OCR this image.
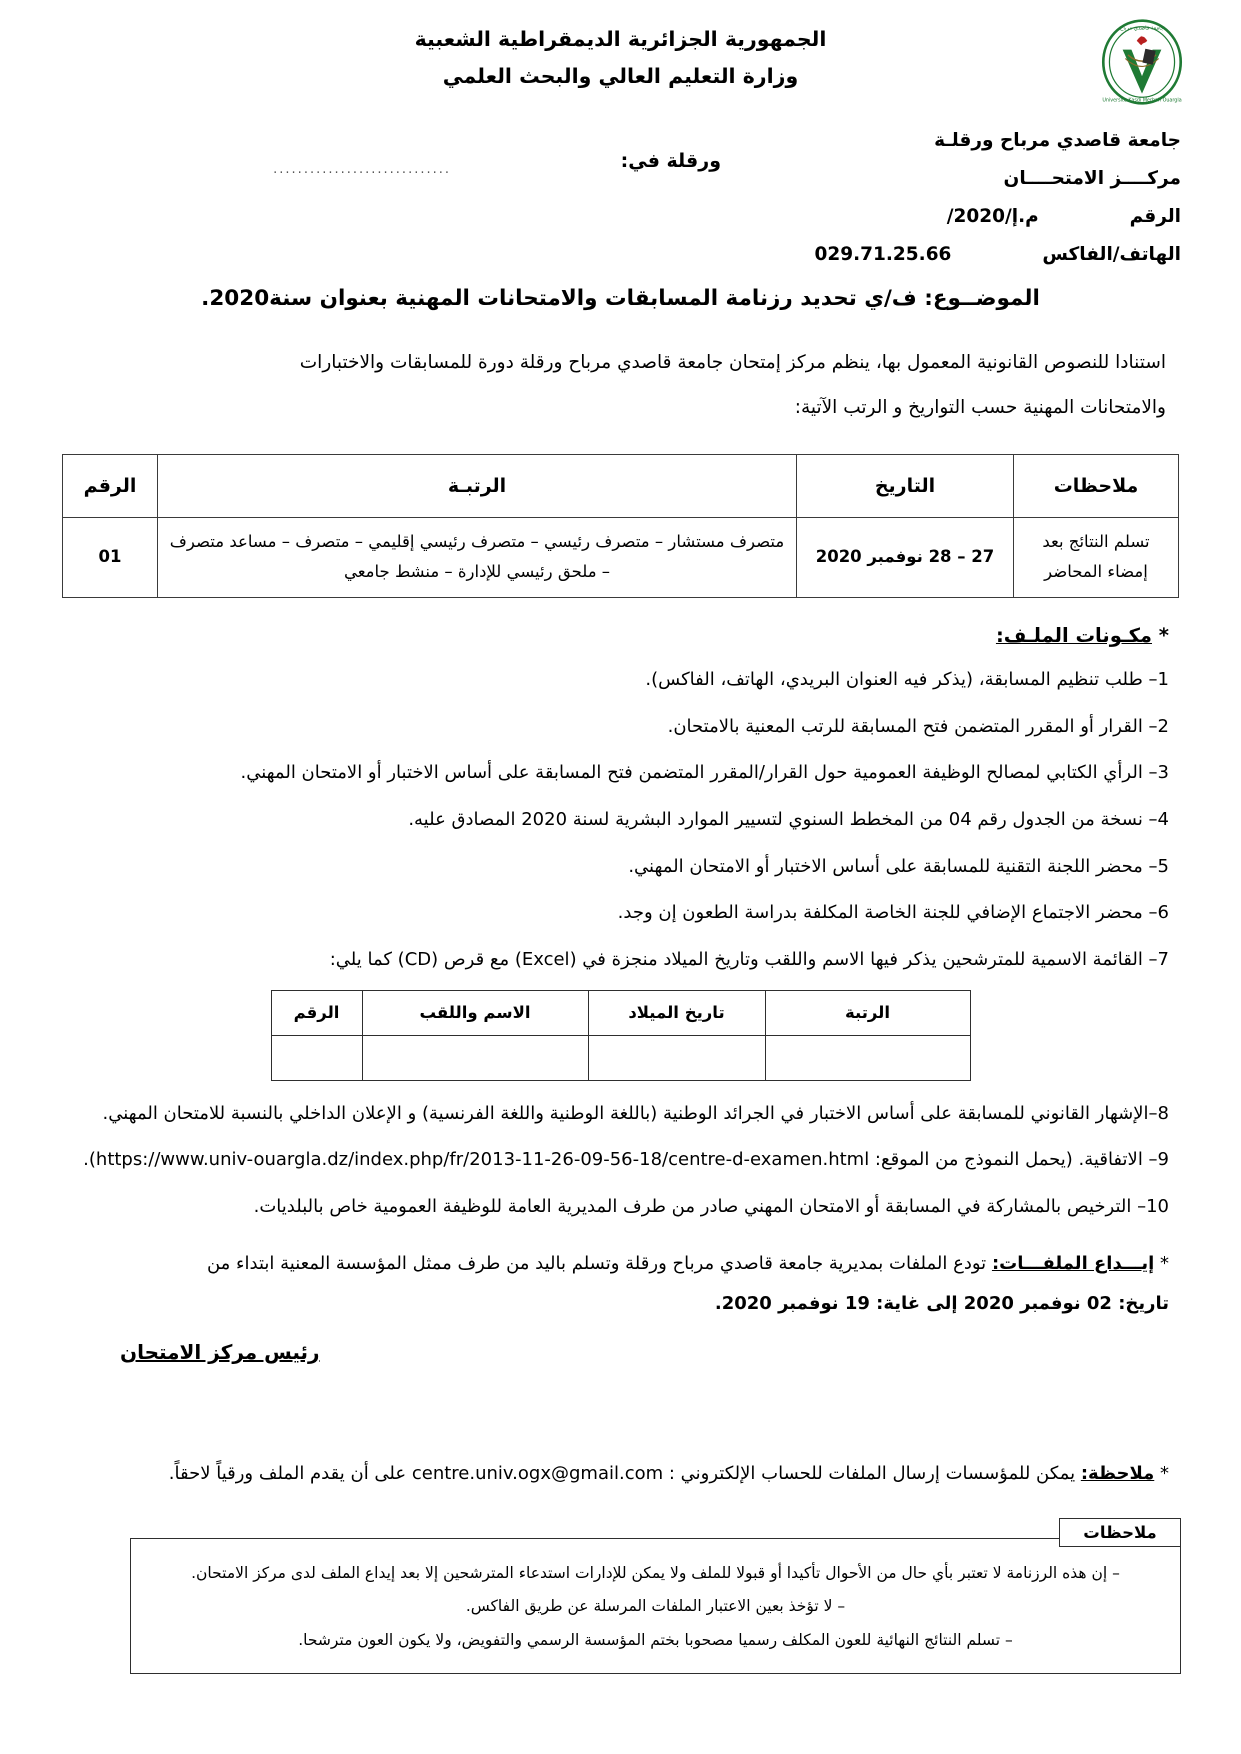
جامعة قاصدي مرباح
Universite Kasdi Merbah Ouargla
الجمهورية الجزائرية الديمقراطية الشعبية
وزارة التعليم العالي والبحث العلمي
جامعة قاصدي مرباح ورقلـة
مركــــز الامتحــــان
الرقم  /م.إ/2020
الهاتف/الفاكس  029.71.25.66
ورقلة في:
.............................
الموضــوع: ف/ي تحديد رزنامة المسابقات والامتحانات المهنية بعنوان سنة2020.

استنادا للنصوص القانونية المعمول بها، ينظم مركز إمتحان جامعة قاصدي مرباح ورقلة دورة للمسابقات والاختبارات

والامتحانات المهنية حسب التواريخ و الرتب الآتية:

ملاحظات	التاريخ	الرتبـة	الرقم
تسلم النتائج بعد إمضاء المحاضر	27 – 28 نوفمبر 2020	متصرف مستشار – متصرف رئيسي – متصرف رئيسي إقليمي – متصرف – مساعد متصرف – ملحق رئيسي للإدارة – منشط جامعي	01
* مكـونات الملـف:
1– طلب تنظيم المسابقة، (يذكر فيه العنوان البريدي، الهاتف، الفاكس).
2– القرار أو المقرر المتضمن فتح المسابقة للرتب المعنية بالامتحان.
3– الرأي الكتابي لمصالح الوظيفة العمومية حول القرار/المقرر المتضمن فتح المسابقة على أساس الاختبار أو الامتحان المهني.
4– نسخة من الجدول رقم 04 من المخطط السنوي لتسيير الموارد البشرية لسنة 2020 المصادق عليه.
5– محضر اللجنة التقنية للمسابقة على أساس الاختبار أو الامتحان المهني.
6– محضر الاجتماع الإضافي للجنة الخاصة المكلفة بدراسة الطعون إن وجد.
7– القائمة الاسمية للمترشحين يذكر فيها الاسم واللقب وتاريخ الميلاد منجزة في (Excel) مع قرص (CD) كما يلي:
الرتبة	تاريخ الميلاد	الاسم واللقب	الرقم

8–الإشهار القانوني للمسابقة على أساس الاختبار في الجرائد الوطنية (باللغة الوطنية واللغة الفرنسية) و الإعلان الداخلي بالنسبة للامتحان المهني.
9– الاتفاقية. (يحمل النموذج من الموقع: https://www.univ-ouargla.dz/index.php/fr/2013-11-26-09-56-18/centre-d-examen.html).
10– الترخيص بالمشاركة في المسابقة أو الامتحان المهني صادر من طرف المديرية العامة للوظيفة العمومية خاص بالبلديات.
* إيـــداع الملفـــات: تودع الملفات بمديرية جامعة قاصدي مرباح ورقلة وتسلم باليد من طرف ممثل المؤسسة المعنية ابتداء من
تاريخ: 02 نوفمبر 2020 إلى غاية: 19 نوفمبر 2020.
رئيس مركز الامتحان
* ملاحظة: يمكن للمؤسسات إرسال الملفات للحساب الإلكتروني : centre.univ.ogx@gmail.com على أن يقدم الملف ورقياً لاحقاً.
ملاحظات
– إن هذه الرزنامة لا تعتبر بأي حال من الأحوال تأكيدا أو قبولا للملف ولا يمكن للإدارات استدعاء المترشحين إلا بعد إيداع الملف لدى مركز الامتحان.
– لا تؤخذ بعين الاعتبار الملفات المرسلة عن طريق الفاكس.
– تسلم النتائج النهائية للعون المكلف رسميا مصحوبا بختم المؤسسة الرسمي والتفويض، ولا يكون العون مترشحا.
